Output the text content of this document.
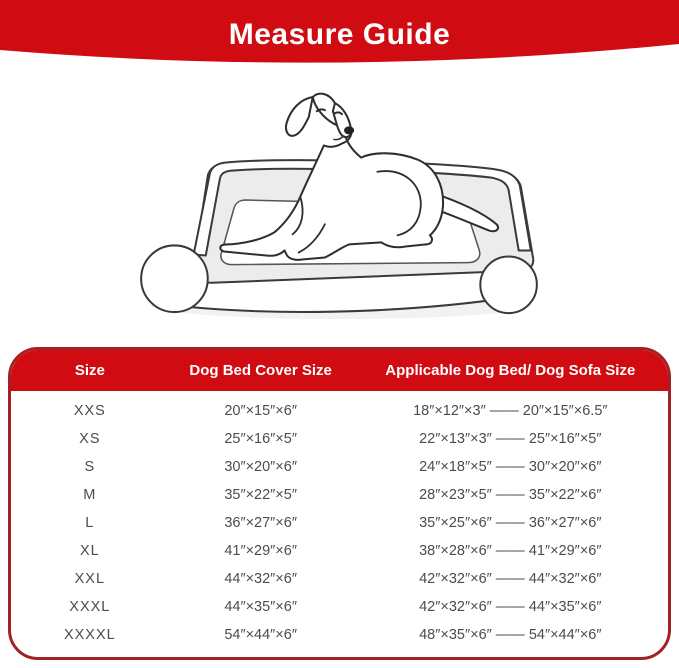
Measure Guide
Size	Dog Bed Cover Size	Applicable Dog Bed/ Dog Sofa Size
XXS	20″×15″×6″	18″×12″×3″ —— 20″×15″×6.5″
XS	25″×16″×5″	22″×13″×3″ —— 25″×16″×5″
S	30″×20″×6″	24″×18″×5″ —— 30″×20″×6″
M	35″×22″×5″	28″×23″×5″ —— 35″×22″×6″
L	36″×27″×6″	35″×25″×6″ —— 36″×27″×6″
XL	41″×29″×6″	38″×28″×6″ —— 41″×29″×6″
XXL	44″×32″×6″	42″×32″×6″ —— 44″×32″×6″
XXXL	44″×35″×6″	42″×32″×6″ —— 44″×35″×6″
XXXXL	54″×44″×6″	48″×35″×6″ —— 54″×44″×6″
